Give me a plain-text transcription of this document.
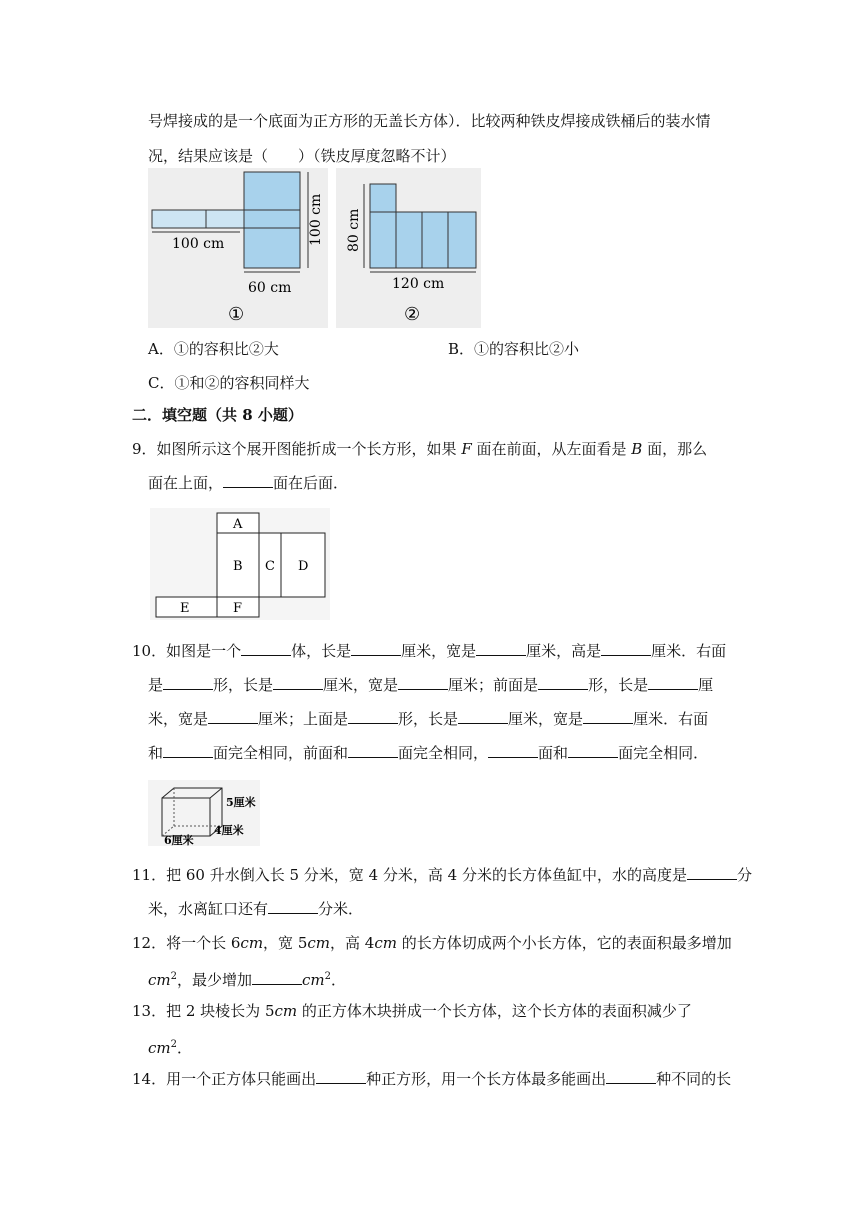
号焊接成的是一个底面为正方形的无盖长方体）．比较两种铁皮焊接成铁桶后的装水情
况，结果应该是（　　）（铁皮厚度忽略不计）
100 cm
60 cm
100 cm
①
80 cm
120 cm
②
A．①的容积比②大	B．①的容积比②小
C．①和②的容积同样大
二．填空题（共 8 小题）
9．如图所示这个展开图能折成一个长方形，如果 F 面在前面，从左面看是 B 面，那么
面在上面，	面在后面．
A
B C D
E	F
10．如图是一个	体，长是	厘米，宽是	厘米，高是	厘米．右面
是	形，长是	厘米，宽是	厘米；前面是	形，长是	厘
米，宽是	厘米；上面是	形，长是	厘米，宽是	厘米．右面
和	面完全相同，前面和	面完全相同，	面和	面完全相同．
5厘米
4厘米
6厘米
11．把 60 升水倒入长 5 分米，宽 4 分米，高 4 分米的长方体鱼缸中，水的高度是	分
米，水离缸口还有	分米．
12．将一个长 6cm，宽 5cm，高 4cm 的长方体切成两个小长方体，它的表面积最多增加
$cm^2$，最少增加	$cm^2$．
13．把 2 块棱长为 5cm 的正方体木块拼成一个长方体，这个长方体的表面积减少了
$cm^2$．
14．用一个正方体只能画出	种正方形，用一个长方体最多能画出	种不同的长
